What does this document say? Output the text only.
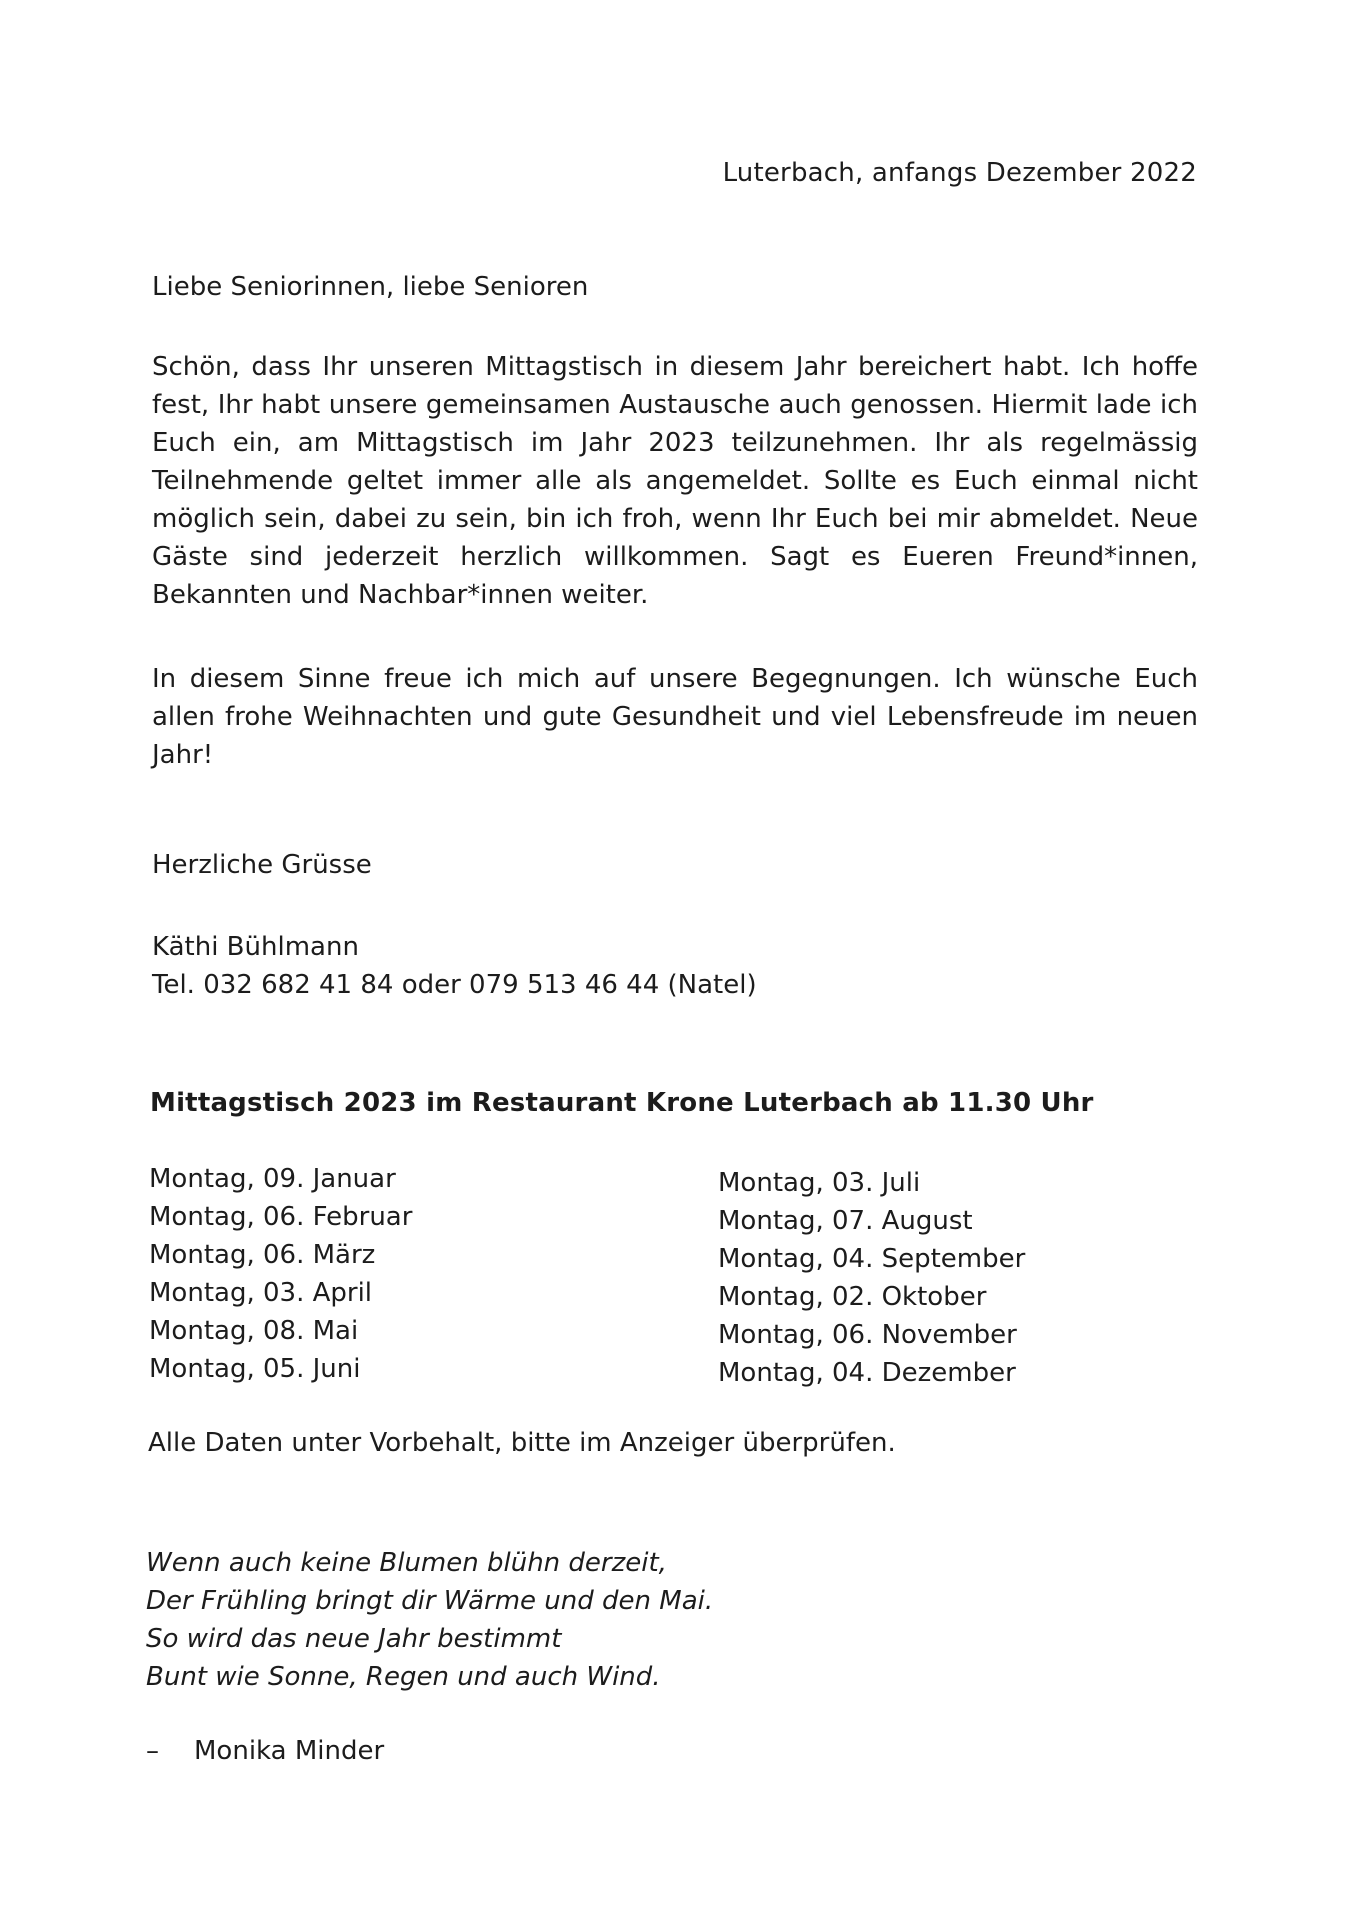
Luterbach, anfangs Dezember 2022
Liebe Seniorinnen, liebe Senioren
Schön, dass Ihr unseren Mittagstisch in diesem Jahr bereichert habt. Ich hoffe fest, Ihr habt unsere gemeinsamen Austausche auch genossen. Hiermit lade ich Euch ein, am Mittagstisch im Jahr 2023 teilzunehmen. Ihr als regelmässig Teilnehmende geltet immer alle als angemeldet. Sollte es Euch einmal nicht möglich sein, dabei zu sein, bin ich froh, wenn Ihr Euch bei mir abmeldet. Neue Gäste sind jederzeit herzlich willkommen. Sagt es Eueren Freund*innen, Bekannten und Nachbar*innen weiter.
In diesem Sinne freue ich mich auf unsere Begegnungen. Ich wünsche Euch allen frohe Weihnachten und gute Gesundheit und viel Lebensfreude im neuen Jahr!
Herzliche Grüsse
Käthi Bühlmann
Tel. 032 682 41 84 oder 079 513 46 44 (Natel)
Mittagstisch 2023 im Restaurant Krone Luterbach ab 11.30 Uhr
Montag, 09. Januar
Montag, 06. Februar
Montag, 06. März
Montag, 03. April
Montag, 08. Mai
Montag, 05. Juni
Montag, 03. Juli
Montag, 07. August
Montag, 04. September
Montag, 02. Oktober
Montag, 06. November
Montag, 04. Dezember
Alle Daten unter Vorbehalt, bitte im Anzeiger überprüfen.
Wenn auch keine Blumen blühn derzeit,
Der Frühling bringt dir Wärme und den Mai.
So wird das neue Jahr bestimmt
Bunt wie Sonne, Regen und auch Wind.
– Monika Minder
